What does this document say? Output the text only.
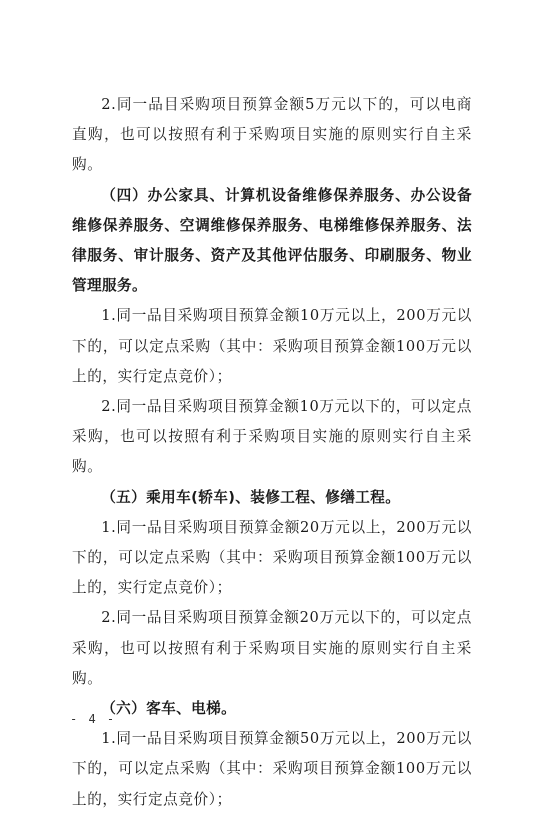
2.同一品目采购项目预算金额5万元以下的，可以电商直购，也可以按照有利于采购项目实施的原则实行自主采购。

（四）办公家具、计算机设备维修保养服务、办公设备维修保养服务、空调维修保养服务、电梯维修保养服务、法律服务、审计服务、资产及其他评估服务、印刷服务、物业管理服务。

1.同一品目采购项目预算金额10万元以上，200万元以下的，可以定点采购（其中：采购项目预算金额100万元以上的，实行定点竞价）；

2.同一品目采购项目预算金额10万元以下的，可以定点采购，也可以按照有利于采购项目实施的原则实行自主采购。

（五）乘用车(轿车)、装修工程、修缮工程。

1.同一品目采购项目预算金额20万元以上，200万元以下的，可以定点采购（其中：采购项目预算金额100万元以上的，实行定点竞价）；

2.同一品目采购项目预算金额20万元以下的，可以定点采购，也可以按照有利于采购项目实施的原则实行自主采购。

（六）客车、电梯。

1.同一品目采购项目预算金额50万元以上，200万元以下的，可以定点采购（其中：采购项目预算金额100万元以上的，实行定点竞价）；

- 4 -
